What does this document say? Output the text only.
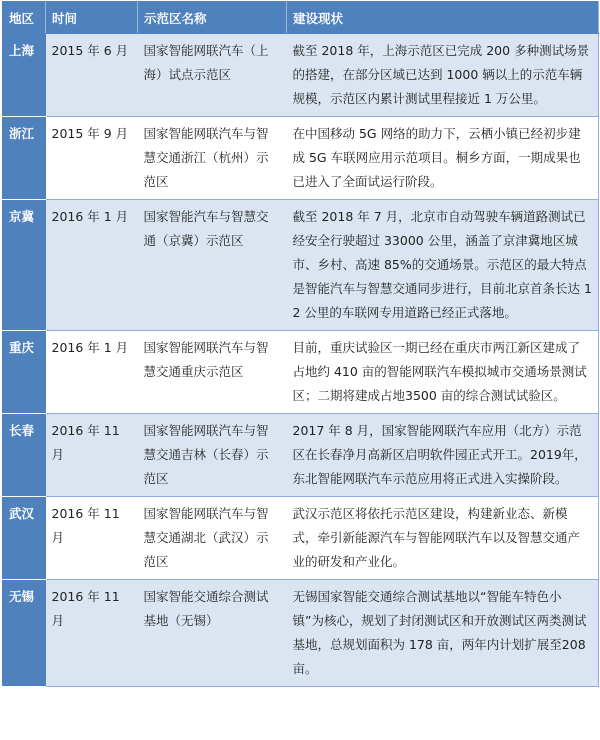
地区	时间	示范区名称	建设现状
上海	2015 年 6 月	国家智能网联汽车（上海）试点示范区	截至 2018 年，上海示范区已完成 200 多种测试场景的搭建，在部分区域已达到 1000 辆以上的示范车辆规模，示范区内累计测试里程接近 1 万公里。
浙江	2015 年 9 月	国家智能网联汽车与智慧交通浙江（杭州）示范区	在中国移动 5G 网络的助力下，云栖小镇已经初步建成 5G 车联网应用示范项目。桐乡方面，一期成果也已进入了全面试运行阶段。
京冀	2016 年 1 月	国家智能汽车与智慧交通（京冀）示范区	截至 2018 年 7 月，北京市自动驾驶车辆道路测试已经安全行驶超过 33000 公里，涵盖了京津冀地区城市、乡村、高速 85%的交通场景。示范区的最大特点是智能汽车与智慧交通同步进行，目前北京首条长达 12 公里的车联网专用道路已经正式落地。
重庆	2016 年 1 月	国家智能网联汽车与智慧交通重庆示范区	目前，重庆试验区一期已经在重庆市两江新区建成了占地约 410 亩的智能网联汽车模拟城市交通场景测试区；二期将建成占地3500 亩的综合测试试验区。
长春	2016 年 11 月	国家智能网联汽车与智慧交通吉林（长春）示范区	2017 年 8 月，国家智能网联汽车应用（北方）示范区在长春净月高新区启明软件园正式开工。2019年，东北智能网联汽车示范应用将正式进入实操阶段。
武汉	2016 年 11 月	国家智能网联汽车与智慧交通湖北（武汉）示范区	武汉示范区将依托示范区建设，构建新业态、新模式，牵引新能源汽车与智能网联汽车以及智慧交通产业的研发和产业化。
无锡	2016 年 11 月	国家智能交通综合测试基地（无锡）	无锡国家智能交通综合测试基地以“智能车特色小镇”为核心，规划了封闭测试区和开放测试区两类测试基地，总规划面积为 178 亩，两年内计划扩展至208 亩。
